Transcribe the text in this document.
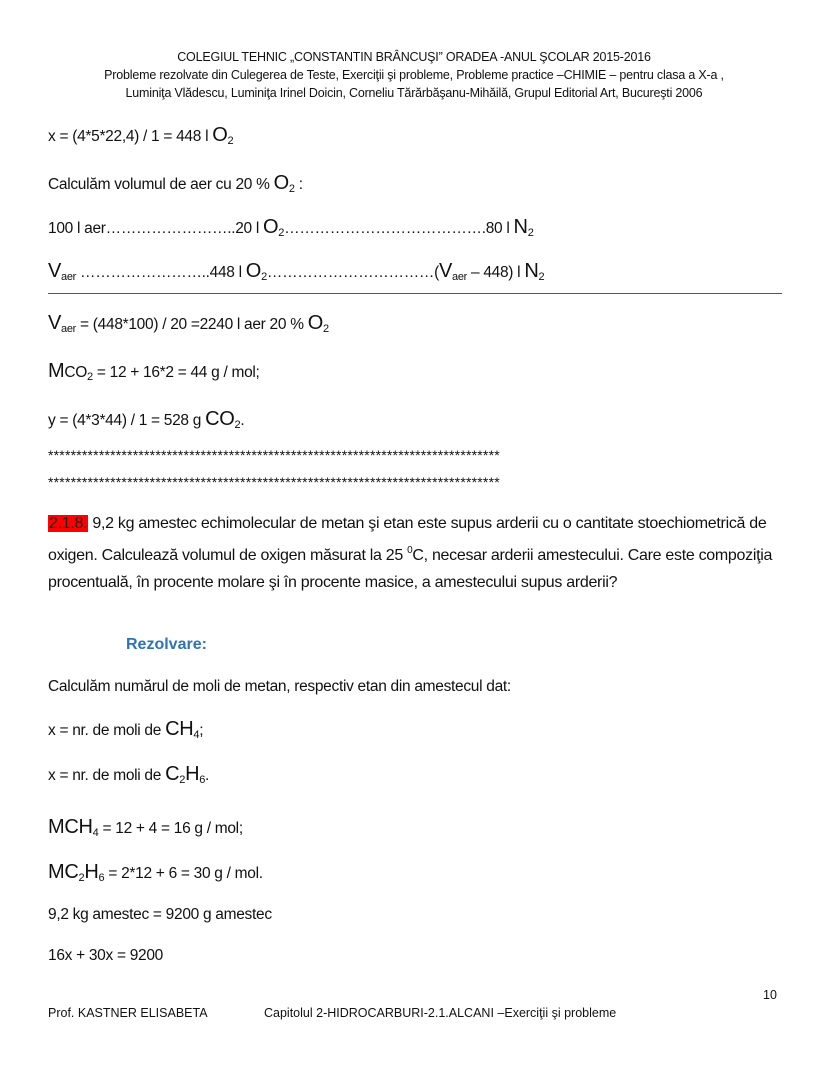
COLEGIUL TEHNIC „CONSTANTIN BRÂNCUŞI” ORADEA -ANUL ŞCOLAR 2015-2016
Probleme rezolvate din Culegerea de Teste, Exerciţii şi probleme, Probleme practice –CHIMIE – pentru clasa a X-a ,
Luminiţa Vlădescu, Luminiţa Irinel Doicin, Corneliu Tărărbăşanu-Mihăilă, Grupul Editorial Art, Bucureşti 2006
x = (4*5*22,4) / 1 = 448 l $O_2$
Calculăm volumul de aer cu 20 % $O_2$ :
100 l aer……………………..20 l $O_2\dots\dots\dots\dots\dots\dots\dots\dots\dots\dots\dots\dots\dots.80$ l $N_2$
$V_{aer}$ ……………………..448 l $O_2\dots\dots\dots\dots\dots\dots\dots\dots\dots\dots\dots(V_{aer} - 448)$ l $N_2$
$V_{aer} = (448*100) / 20 =2240$ l aer 20 % $O_2$
$MCO_2 = 12 + 16*2 = 44$ g / mol;
y = (4*3*44) / 1 = 528 g $CO_2$.
********************************************************************************
********************************************************************************
2.1.8. 9,2 kg amestec echimolecular de metan şi etan este supus arderii cu o cantitate stoechiometrică de oxigen. Calculează volumul de oxigen măsurat la 25 $^0$C, necesar arderii amestecului. Care este compoziţia procentuală, în procente molare şi în procente masice, a amestecului supus arderii?
Rezolvare:
Calculăm numărul de moli de metan, respectiv etan din amestecul dat:
x = nr. de moli de $CH_4$;
x = nr. de moli de $C_2H_6$.
$MCH_4 = 12 + 4 = 16$ g / mol;
$MC_2H_6 = 2*12 + 6 = 30$ g / mol.
9,2 kg amestec = 9200 g amestec
16x + 30x = 9200
10
Prof. KASTNER ELISABETA	Capitolul 2-HIDROCARBURI-2.1.ALCANI –Exerciţii şi probleme
